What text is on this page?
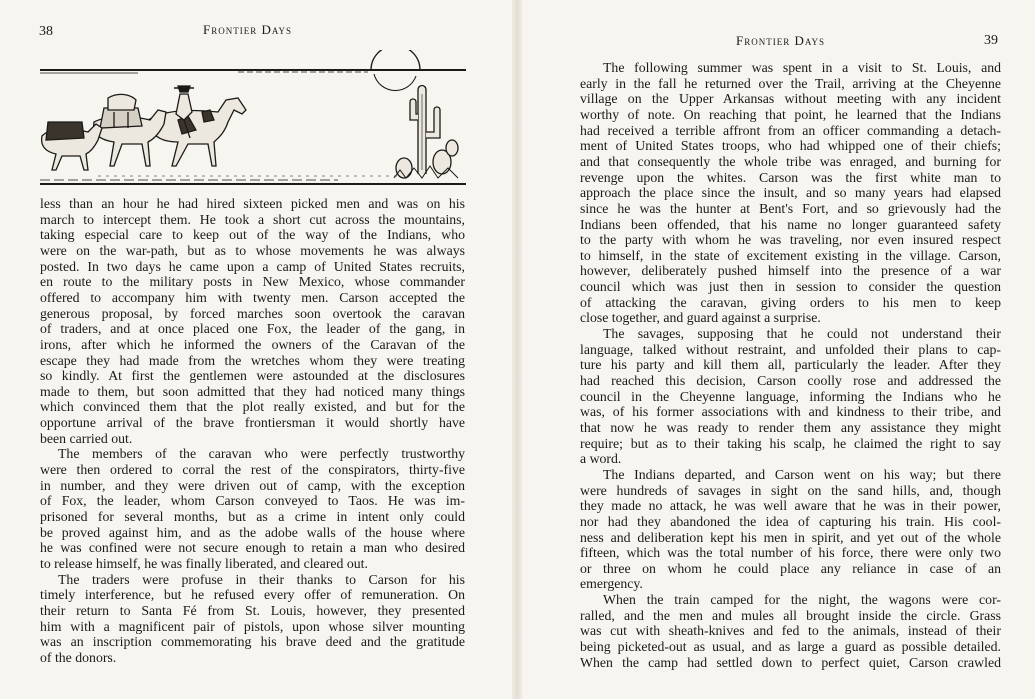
38	Frontier Days
less than an hour he had hired sixteen picked men and was on his
march to intercept them. He took a short cut across the mountains,
taking especial care to keep out of the way of the Indians, who
were on the war-path, but as to whose movements he was always
posted. In two days he came upon a camp of United States recruits,
en route to the military posts in New Mexico, whose commander
offered to accompany him with twenty men. Carson accepted the
generous proposal, by forced marches soon overtook the caravan
of traders, and at once placed one Fox, the leader of the gang, in
irons, after which he informed the owners of the Caravan of the
escape they had made from the wretches whom they were treating
so kindly. At first the gentlemen were astounded at the disclosures
made to them, but soon admitted that they had noticed many things
which convinced them that the plot really existed, and but for the
opportune arrival of the brave frontiersman it would shortly have
been carried out.
The members of the caravan who were perfectly trustworthy
were then ordered to corral the rest of the conspirators, thirty-five
in number, and they were driven out of camp, with the exception
of Fox, the leader, whom Carson conveyed to Taos. He was im-
prisoned for several months, but as a crime in intent only could
be proved against him, and as the adobe walls of the house where
he was confined were not secure enough to retain a man who desired
to release himself, he was finally liberated, and cleared out.
The traders were profuse in their thanks to Carson for his
timely interference, but he refused every offer of remuneration. On
their return to Santa Fé from St. Louis, however, they presented
him with a magnificent pair of pistols, upon whose silver mounting
was an inscription commemorating his brave deed and the gratitude
of the donors.
Frontier Days	39
The following summer was spent in a visit to St. Louis, and
early in the fall he returned over the Trail, arriving at the Cheyenne
village on the Upper Arkansas without meeting with any incident
worthy of note. On reaching that point, he learned that the Indians
had received a terrible affront from an officer commanding a detach-
ment of United States troops, who had whipped one of their chiefs;
and that consequently the whole tribe was enraged, and burning for
revenge upon the whites. Carson was the first white man to
approach the place since the insult, and so many years had elapsed
since he was the hunter at Bent's Fort, and so grievously had the
Indians been offended, that his name no longer guaranteed safety
to the party with whom he was traveling, nor even insured respect
to himself, in the state of excitement existing in the village. Carson,
however, deliberately pushed himself into the presence of a war
council which was just then in session to consider the question
of attacking the caravan, giving orders to his men to keep
close together, and guard against a surprise.
The savages, supposing that he could not understand their
language, talked without restraint, and unfolded their plans to cap-
ture his party and kill them all, particularly the leader. After they
had reached this decision, Carson coolly rose and addressed the
council in the Cheyenne language, informing the Indians who he
was, of his former associations with and kindness to their tribe, and
that now he was ready to render them any assistance they might
require; but as to their taking his scalp, he claimed the right to say
a word.
The Indians departed, and Carson went on his way; but there
were hundreds of savages in sight on the sand hills, and, though
they made no attack, he was well aware that he was in their power,
nor had they abandoned the idea of capturing his train. His cool-
ness and deliberation kept his men in spirit, and yet out of the whole
fifteen, which was the total number of his force, there were only two
or three on whom he could place any reliance in case of an
emergency.
When the train camped for the night, the wagons were cor-
ralled, and the men and mules all brought inside the circle. Grass
was cut with sheath-knives and fed to the animals, instead of their
being picketed-out as usual, and as large a guard as possible detailed.
When the camp had settled down to perfect quiet, Carson crawled
